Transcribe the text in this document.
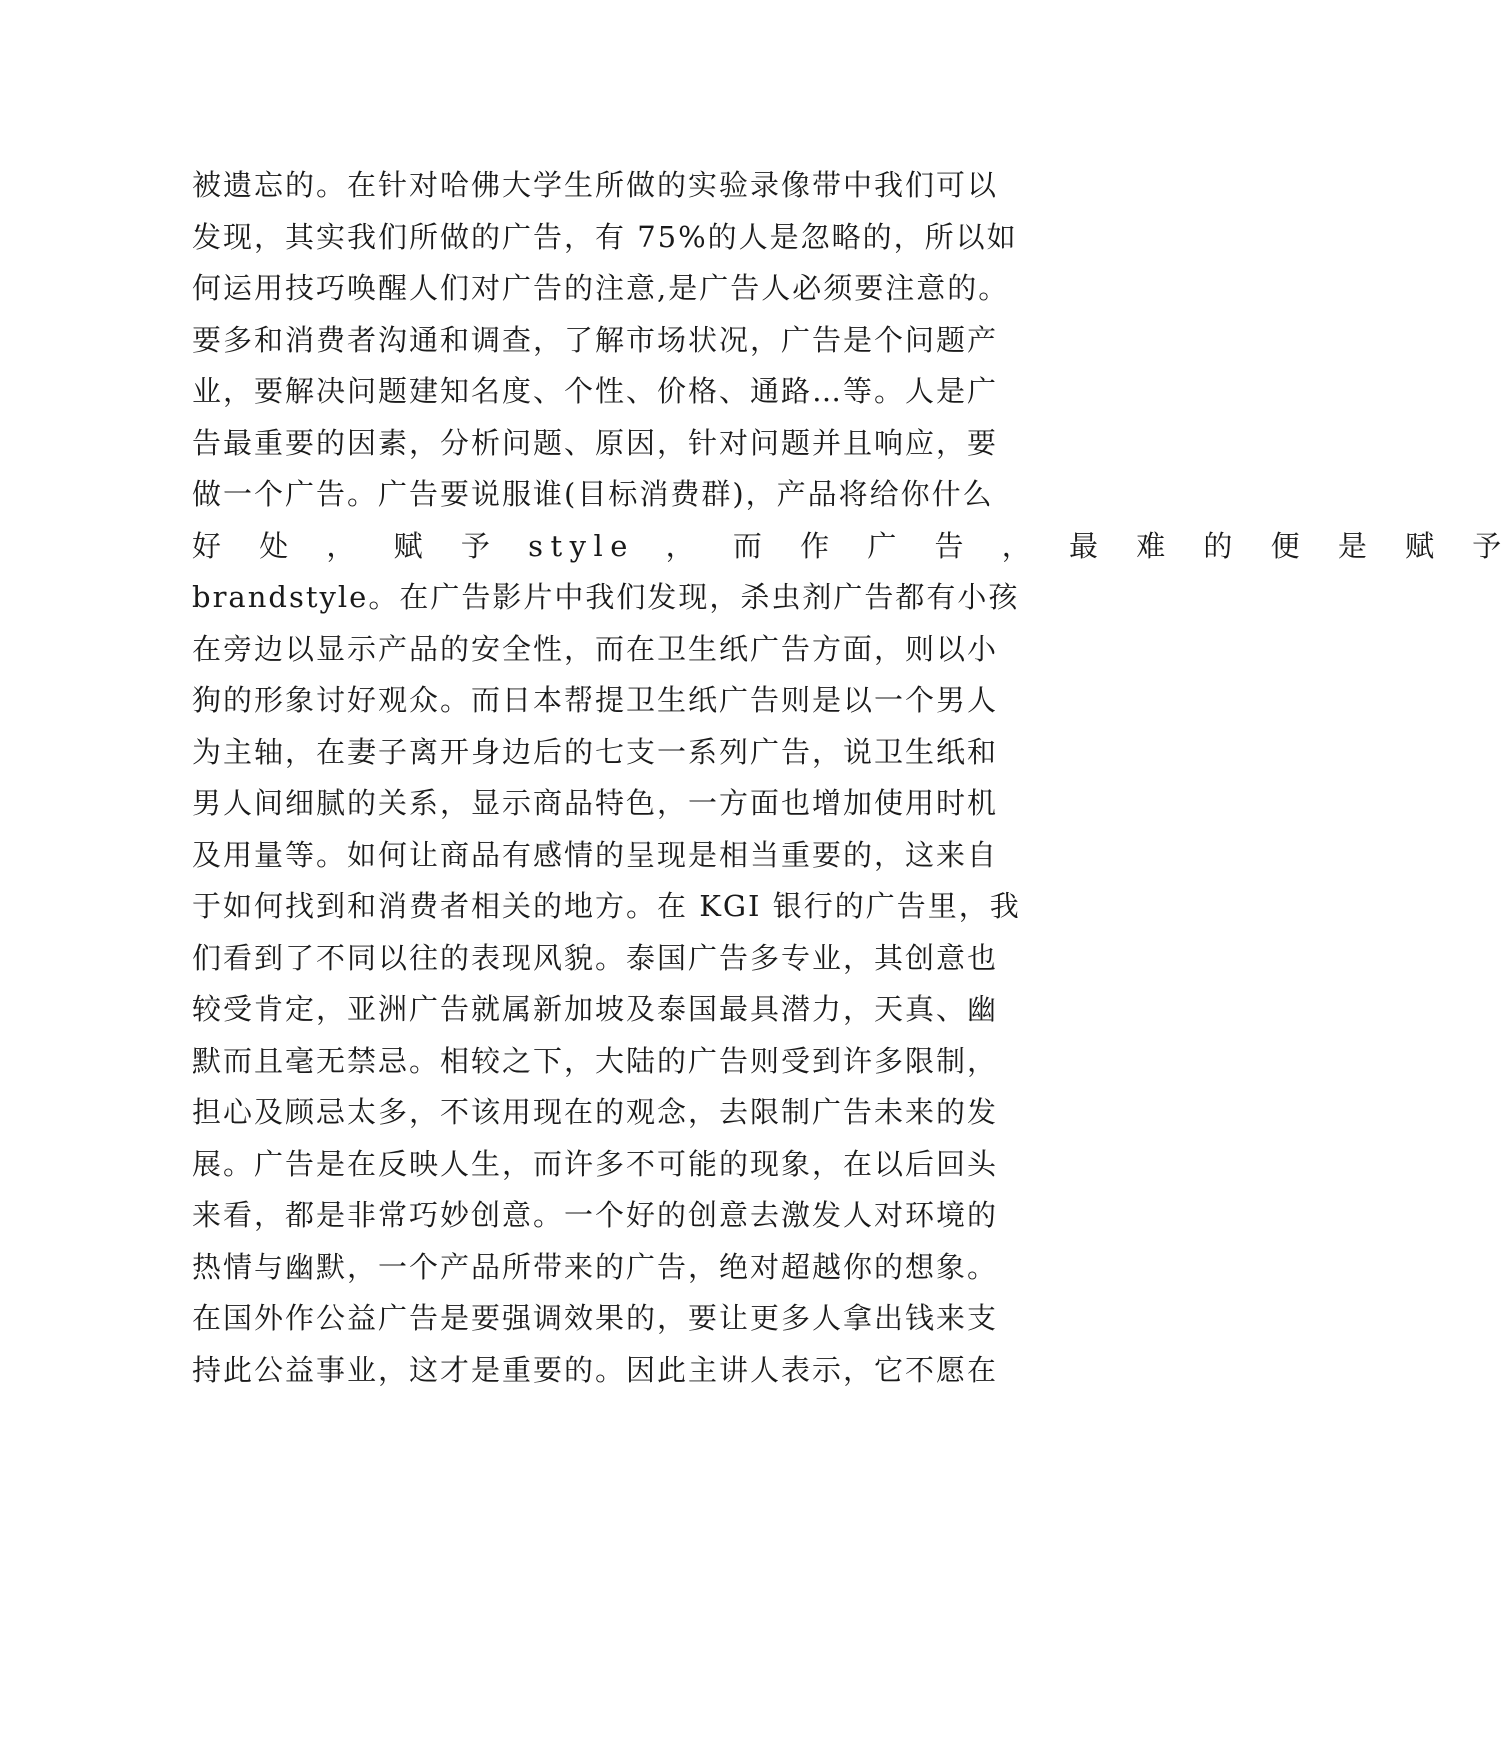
被遗忘的。在针对哈佛大学生所做的实验录像带中我们可以
发现，其实我们所做的广告，有 75%的人是忽略的，所以如
何运用技巧唤醒人们对广告的注意,是广告人必须要注意的。
要多和消费者沟通和调查，了解市场状况，广告是个问题产
业，要解决问题建知名度、个性、价格、通路…等。人是广
告最重要的因素，分析问题、原因，针对问题并且响应，要
做一个广告。广告要说服谁(目标消费群)，产品将给你什么
好 处 ， 赋 予 style ， 而 作 广 告 ， 最 难 的 便 是 赋 予
brandstyle。在广告影片中我们发现，杀虫剂广告都有小孩
在旁边以显示产品的安全性，而在卫生纸广告方面，则以小
狗的形象讨好观众。而日本帮提卫生纸广告则是以一个男人
为主轴，在妻子离开身边后的七支一系列广告，说卫生纸和
男人间细腻的关系，显示商品特色，一方面也增加使用时机
及用量等。如何让商品有感情的呈现是相当重要的，这来自
于如何找到和消费者相关的地方。在 KGI 银行的广告里，我
们看到了不同以往的表现风貌。泰国广告多专业，其创意也
较受肯定，亚洲广告就属新加坡及泰国最具潜力，天真、幽
默而且毫无禁忌。相较之下，大陆的广告则受到许多限制，
担心及顾忌太多，不该用现在的观念，去限制广告未来的发
展。广告是在反映人生，而许多不可能的现象，在以后回头
来看，都是非常巧妙创意。一个好的创意去激发人对环境的
热情与幽默，一个产品所带来的广告，绝对超越你的想象。
在国外作公益广告是要强调效果的，要让更多人拿出钱来支
持此公益事业，这才是重要的。因此主讲人表示，它不愿在
